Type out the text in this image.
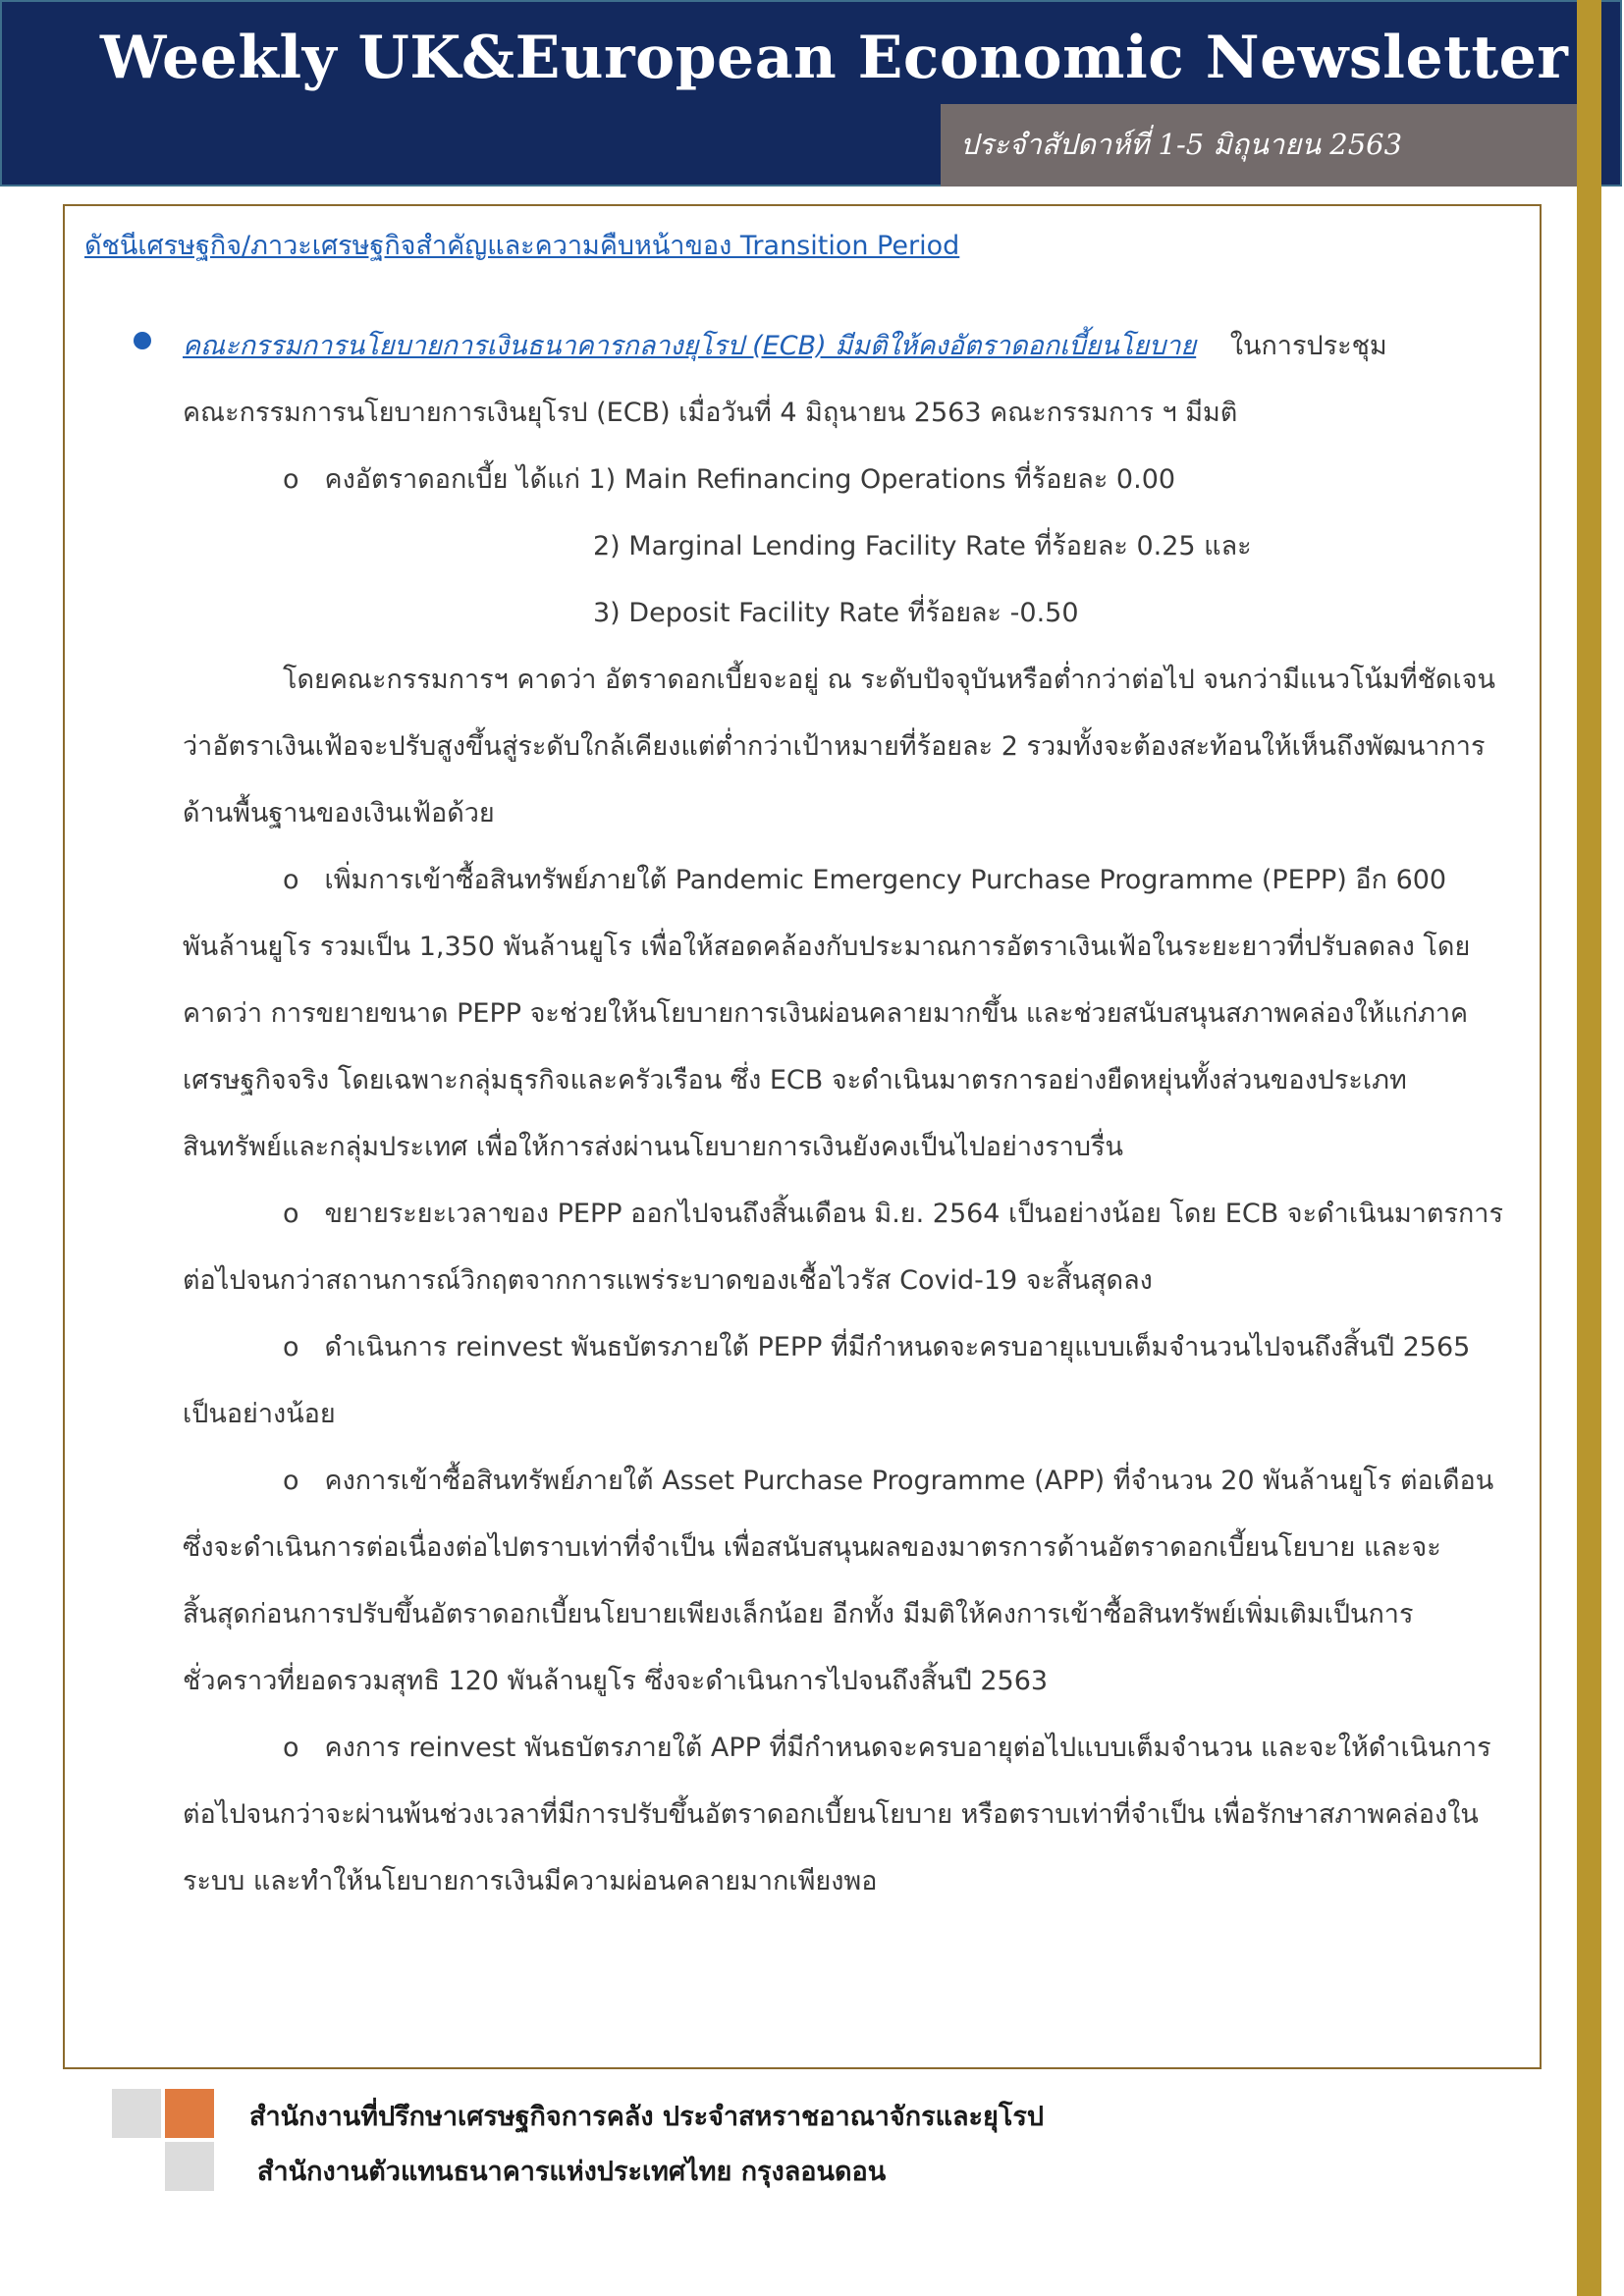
Weekly UK&European Economic Newsletter
ประจำสัปดาห์ที่ 1-5 มิถุนายน 2563
ดัชนีเศรษฐกิจ/ภาวะเศรษฐกิจสำคัญและความคืบหน้าของ Transition Period
คณะกรรมการนโยบายการเงินธนาคารกลางยุโรป (ECB) มีมติให้คงอัตราดอกเบี้ยนโยบาย ในการประชุม
คณะกรรมการนโยบายการเงินยุโรป (ECB) เมื่อวันที่ 4 มิถุนายน 2563 คณะกรรมการ ฯ มีมติ
o คงอัตราดอกเบี้ย ได้แก่ 1) Main Refinancing Operations ที่ร้อยละ 0.00
2) Marginal Lending Facility Rate ที่ร้อยละ 0.25 และ
3) Deposit Facility Rate ที่ร้อยละ -0.50
โดยคณะกรรมการฯ คาดว่า อัตราดอกเบี้ยจะอยู่ ณ ระดับปัจจุบันหรือต่ำกว่าต่อไป จนกว่ามีแนวโน้มที่ชัดเจน
ว่าอัตราเงินเฟ้อจะปรับสูงขึ้นสู่ระดับใกล้เคียงแต่ต่ำกว่าเป้าหมายที่ร้อยละ 2 รวมทั้งจะต้องสะท้อนให้เห็นถึงพัฒนาการ
ด้านพื้นฐานของเงินเฟ้อด้วย
o เพิ่มการเข้าซื้อสินทรัพย์ภายใต้ Pandemic Emergency Purchase Programme (PEPP) อีก 600
พันล้านยูโร รวมเป็น 1,350 พันล้านยูโร เพื่อให้สอดคล้องกับประมาณการอัตราเงินเฟ้อในระยะยาวที่ปรับลดลง โดย
คาดว่า การขยายขนาด PEPP จะช่วยให้นโยบายการเงินผ่อนคลายมากขึ้น และช่วยสนับสนุนสภาพคล่องให้แก่ภาค
เศรษฐกิจจริง โดยเฉพาะกลุ่มธุรกิจและครัวเรือน ซึ่ง ECB จะดำเนินมาตรการอย่างยืดหยุ่นทั้งส่วนของประเภท
สินทรัพย์และกลุ่มประเทศ เพื่อให้การส่งผ่านนโยบายการเงินยังคงเป็นไปอย่างราบรื่น
o ขยายระยะเวลาของ PEPP ออกไปจนถึงสิ้นเดือน มิ.ย. 2564 เป็นอย่างน้อย โดย ECB จะดำเนินมาตรการ
ต่อไปจนกว่าสถานการณ์วิกฤตจากการแพร่ระบาดของเชื้อไวรัส Covid-19 จะสิ้นสุดลง
o ดำเนินการ reinvest พันธบัตรภายใต้ PEPP ที่มีกำหนดจะครบอายุแบบเต็มจำนวนไปจนถึงสิ้นปี 2565
เป็นอย่างน้อย
o คงการเข้าซื้อสินทรัพย์ภายใต้ Asset Purchase Programme (APP) ที่จำนวน 20 พันล้านยูโร ต่อเดือน
ซึ่งจะดำเนินการต่อเนื่องต่อไปตราบเท่าที่จำเป็น เพื่อสนับสนุนผลของมาตรการด้านอัตราดอกเบี้ยนโยบาย และจะ
สิ้นสุดก่อนการปรับขึ้นอัตราดอกเบี้ยนโยบายเพียงเล็กน้อย อีกทั้ง มีมติให้คงการเข้าซื้อสินทรัพย์เพิ่มเติมเป็นการ
ชั่วคราวที่ยอดรวมสุทธิ 120 พันล้านยูโร ซึ่งจะดำเนินการไปจนถึงสิ้นปี 2563
o คงการ reinvest พันธบัตรภายใต้ APP ที่มีกำหนดจะครบอายุต่อไปแบบเต็มจำนวน และจะให้ดำเนินการ
ต่อไปจนกว่าจะผ่านพ้นช่วงเวลาที่มีการปรับขึ้นอัตราดอกเบี้ยนโยบาย หรือตราบเท่าที่จำเป็น เพื่อรักษาสภาพคล่องใน
ระบบ และทำให้นโยบายการเงินมีความผ่อนคลายมากเพียงพอ
สำนักงานที่ปรึกษาเศรษฐกิจการคลัง ประจำสหราชอาณาจักรและยุโรป
สำนักงานตัวแทนธนาคารแห่งประเทศไทย กรุงลอนดอน
